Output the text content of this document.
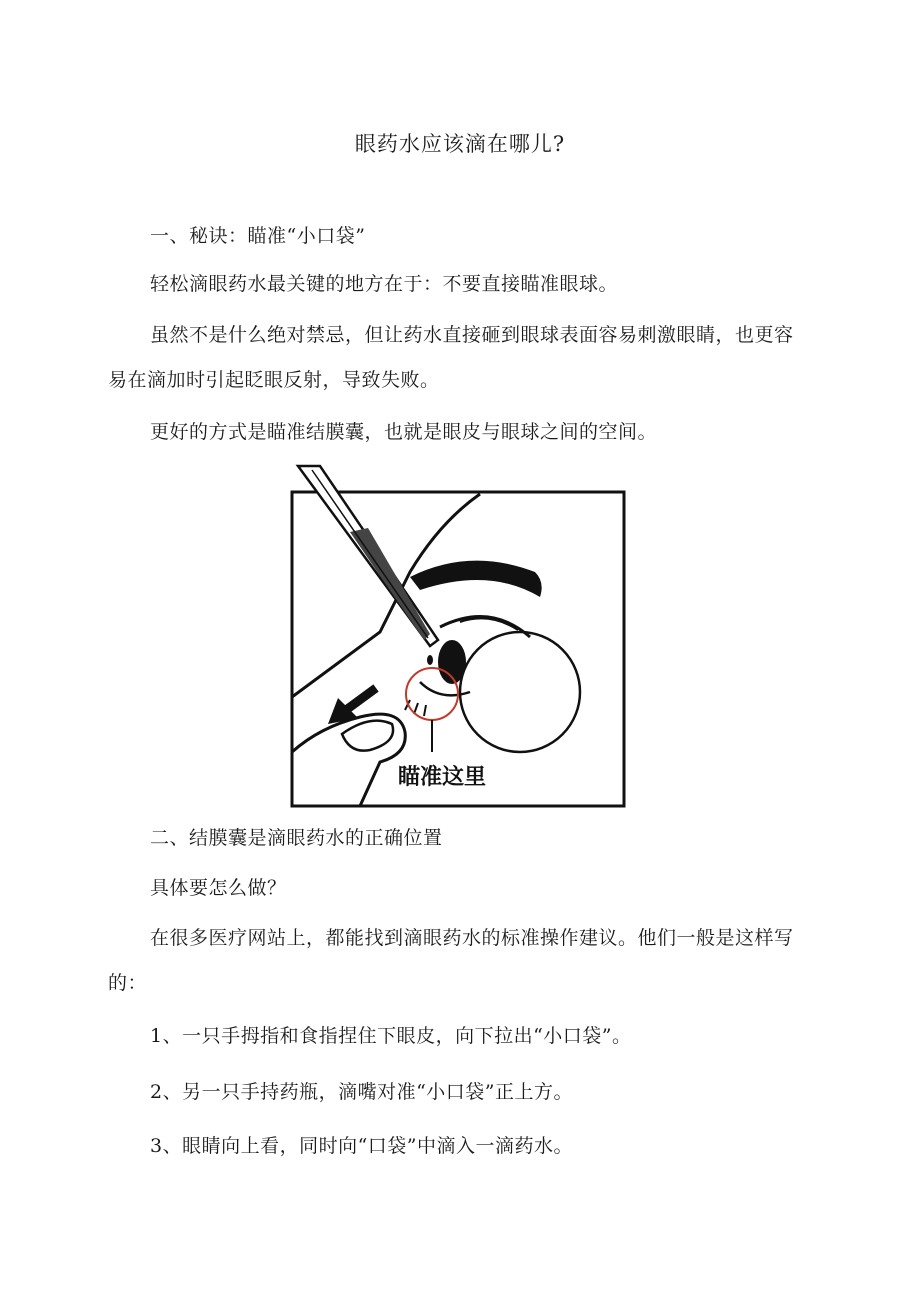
眼药水应该滴在哪儿?

一、秘诀：瞄准“小口袋”

轻松滴眼药水最关键的地方在于：不要直接瞄准眼球。

虽然不是什么绝对禁忌，但让药水直接砸到眼球表面容易刺激眼睛，也更容易在滴加时引起眨眼反射，导致失败。

更好的方式是瞄准结膜囊，也就是眼皮与眼球之间的空间。

瞄准这里

二、结膜囊是滴眼药水的正确位置

具体要怎么做？

在很多医疗网站上，都能找到滴眼药水的标准操作建议。他们一般是这样写的：

1、一只手拇指和食指捏住下眼皮，向下拉出“小口袋”。

2、另一只手持药瓶，滴嘴对准“小口袋”正上方。

3、眼睛向上看，同时向“口袋”中滴入一滴药水。
